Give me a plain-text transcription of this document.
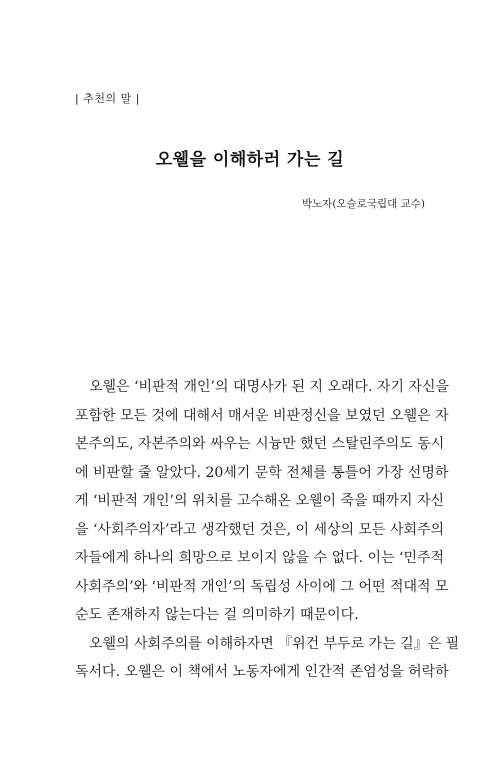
| 추천의 말 |
오웰을 이해하러 가는 길
박노자(오슬로국립대 교수)
오웰은 ‘비판적 개인’의 대명사가 된 지 오래다. 자기 자신을
포함한 모든 것에 대해서 매서운 비판정신을 보였던 오웰은 자
본주의도, 자본주의와 싸우는 시늉만 했던 스탈린주의도 동시
에 비판할 줄 알았다. 20세기 문학 전체를 통틀어 가장 선명하
게 ‘비판적 개인’의 위치를 고수해온 오웰이 죽을 때까지 자신
을 ‘사회주의자’라고 생각했던 것은, 이 세상의 모든 사회주의
자들에게 하나의 희망으로 보이지 않을 수 없다. 이는 ‘민주적
사회주의’와 ‘비판적 개인’의 독립성 사이에 그 어떤 적대적 모
순도 존재하지 않는다는 걸 의미하기 때문이다.
오웰의 사회주의를 이해하자면 『위건 부두로 가는 길』은 필
독서다. 오웰은 이 책에서 노동자에게 인간적 존엄성을 허락하
